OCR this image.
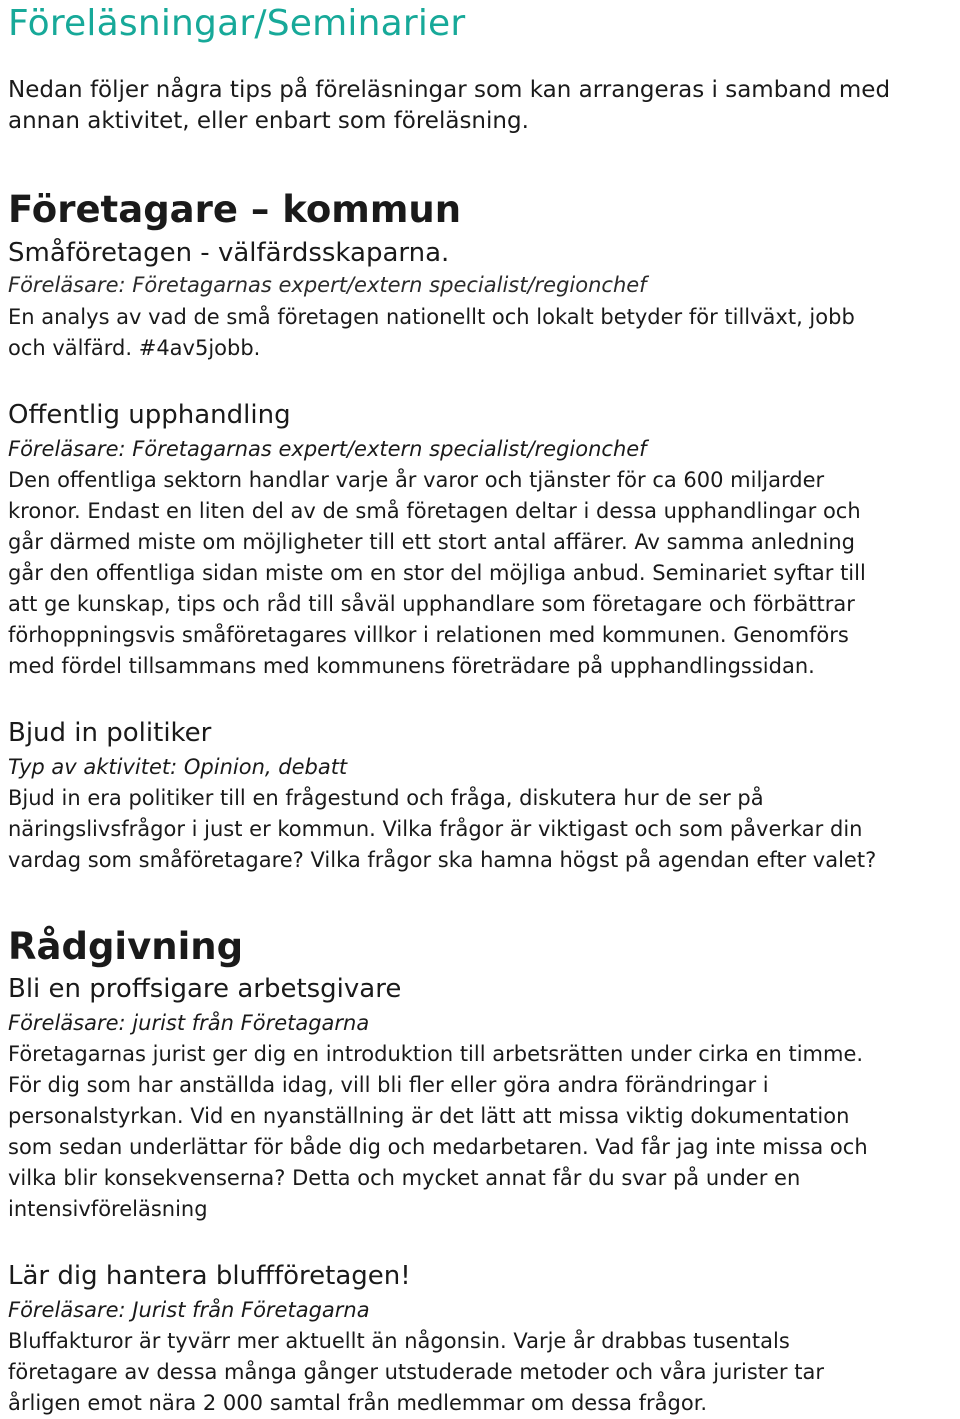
Föreläsningar/Seminarier

Nedan följer några tips på föreläsningar som kan arrangeras i samband med annan aktivitet, eller enbart som föreläsning.

Företagare – kommun
Småföretagen - välfärdsskaparna.

Föreläsare: Företagarnas expert/extern specialist/regionchef

En analys av vad de små företagen nationellt och lokalt betyder för tillväxt, jobb
och välfärd. #4av5jobb.

Offentlig upphandling

Föreläsare: Företagarnas expert/extern specialist/regionchef

Den offentliga sektorn handlar varje år varor och tjänster för ca 600 miljarder
kronor. Endast en liten del av de små företagen deltar i dessa upphandlingar och
går därmed miste om möjligheter till ett stort antal affärer. Av samma anledning
går den offentliga sidan miste om en stor del möjliga anbud. Seminariet syftar till
att ge kunskap, tips och råd till såväl upphandlare som företagare och förbättrar
förhoppningsvis småföretagares villkor i relationen med kommunen. Genomförs
med fördel tillsammans med kommunens företrädare på upphandlingssidan.

Bjud in politiker

Typ av aktivitet: Opinion, debatt

Bjud in era politiker till en frågestund och fråga, diskutera hur de ser på
näringslivsfrågor i just er kommun. Vilka frågor är viktigast och som påverkar din
vardag som småföretagare? Vilka frågor ska hamna högst på agendan efter valet?

Rådgivning
Bli en proffsigare arbetsgivare

Föreläsare: jurist från Företagarna

Företagarnas jurist ger dig en introduktion till arbetsrätten under cirka en timme.
För dig som har anställda idag, vill bli fler eller göra andra förändringar i
personalstyrkan. Vid en nyanställning är det lätt att missa viktig dokumentation
som sedan underlättar för både dig och medarbetaren. Vad får jag inte missa och
vilka blir konsekvenserna? Detta och mycket annat får du svar på under en
intensivföreläsning

Lär dig hantera bluffföretagen!

Föreläsare: Jurist från Företagarna

Bluffakturor är tyvärr mer aktuellt än någonsin. Varje år drabbas tusentals
företagare av dessa många gånger utstuderade metoder och våra jurister tar
årligen emot nära 2 000 samtal från medlemmar om dessa frågor.
